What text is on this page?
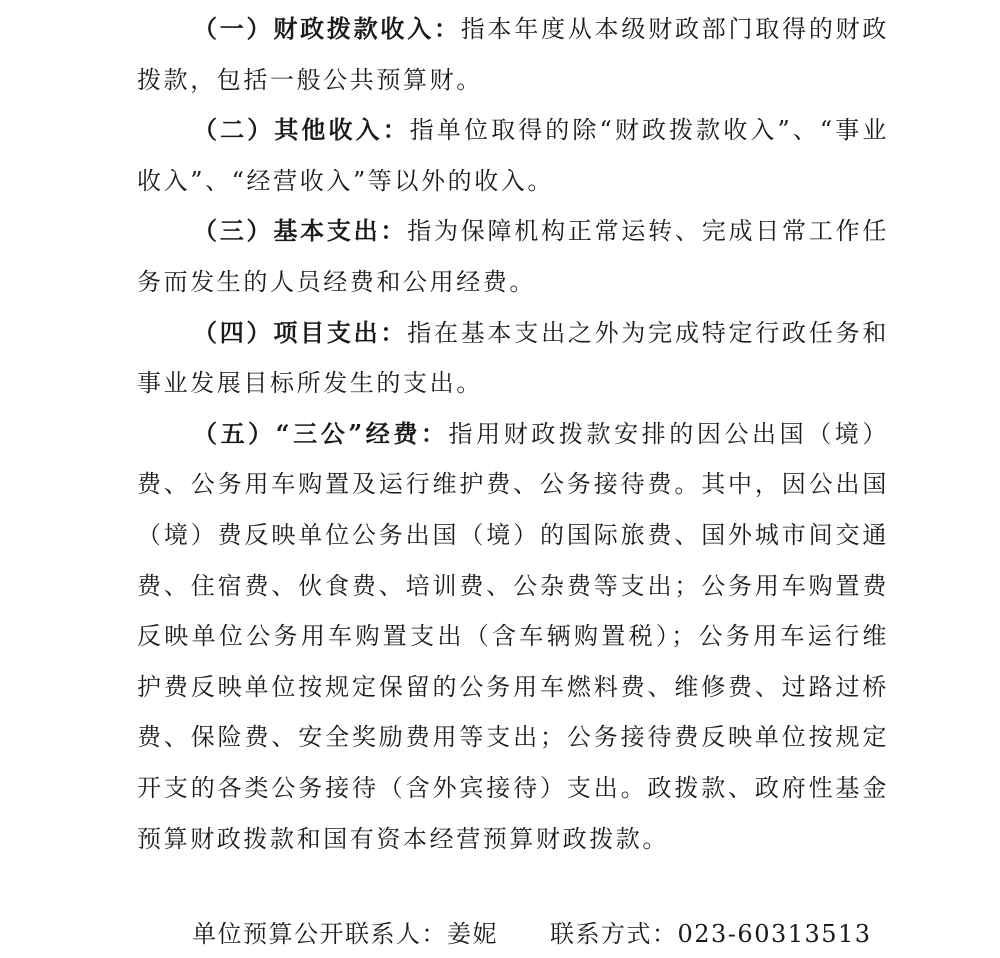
（一）财政拨款收入：指本年度从本级财政部门取得的财政拨款，包括一般公共预算财。

（二）其他收入：指单位取得的除“财政拨款收入”、“事业收入”、“经营收入”等以外的收入。

（三）基本支出：指为保障机构正常运转、完成日常工作任务而发生的人员经费和公用经费。

（四）项目支出：指在基本支出之外为完成特定行政任务和事业发展目标所发生的支出。

（五）“三公”经费：指用财政拨款安排的因公出国（境）费、公务用车购置及运行维护费、公务接待费。其中，因公出国（境）费反映单位公务出国（境）的国际旅费、国外城市间交通费、住宿费、伙食费、培训费、公杂费等支出；公务用车购置费反映单位公务用车购置支出（含车辆购置税）；公务用车运行维护费反映单位按规定保留的公务用车燃料费、维修费、过路过桥费、保险费、安全奖励费用等支出；公务接待费反映单位按规定开支的各类公务接待（含外宾接待）支出。政拨款、政府性基金预算财政拨款和国有资本经营预算财政拨款。

单位预算公开联系人：姜妮 联系方式：023-60313513
